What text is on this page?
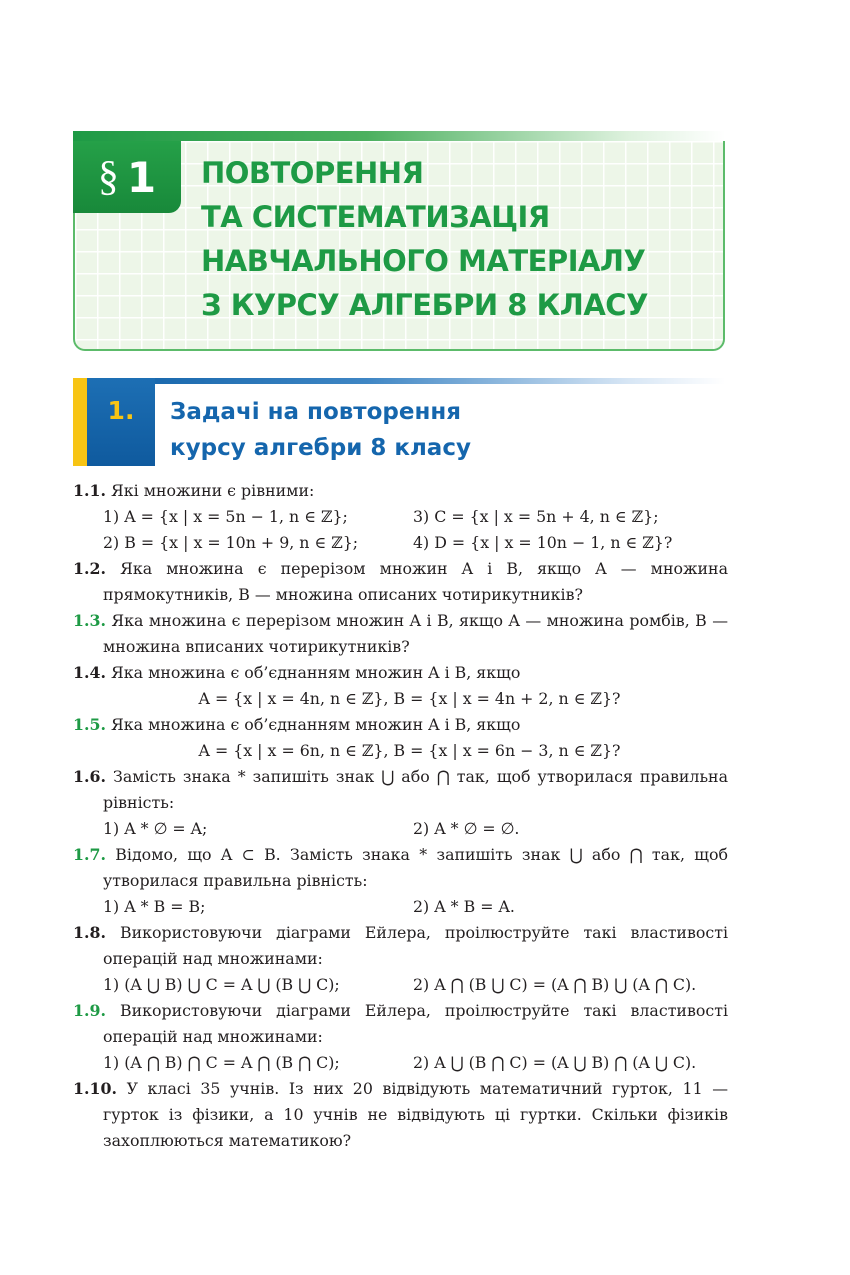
§ 1 ПОВТОРЕННЯ
ТА СИСТЕМАТИЗАЦІЯ
НАВЧАЛЬНОГО МАТЕРІАЛУ
З КУРСУ АЛГЕБРИ 8 КЛАСУ
1.	Задачі на повторення
курсу алгебри 8 класу
1.1. Які множини є рівними:
1) A = {x | x = 5n − 1, n ∈ ℤ};	3) C = {x | x = 5n + 4, n ∈ ℤ};
2) B = {x | x = 10n + 9, n ∈ ℤ};	4) D = {x | x = 10n − 1, n ∈ ℤ}?
1.2. Яка множина є перерізом множин A і B, якщо A — множина прямокутників, B — множина описаних чотирикутників?
1.3. Яка множина є перерізом множин A і B, якщо A — множина ромбів, B — множина вписаних чотирикутників?
1.4. Яка множина є об’єднанням множин A і B, якщо
A = {x | x = 4n, n ∈ ℤ}, B = {x | x = 4n + 2, n ∈ ℤ}?
1.5. Яка множина є об’єднанням множин A і B, якщо
A = {x | x = 6n, n ∈ ℤ}, B = {x | x = 6n − 3, n ∈ ℤ}?
1.6. Замість знака * запишіть знак ⋃ або ⋂ так, щоб утворилася правильна рівність:
1) A * ∅ = A;	2) A * ∅ = ∅.
1.7. Відомо, що A ⊂ B. Замість знака * запишіть знак ⋃ або ⋂ так, щоб утворилася правильна рівність:
1) A * B = B;	2) A * B = A.
1.8. Використовуючи діаграми Ейлера, проілюструйте такі властивості операцій над множинами:
1) (A ⋃ B) ⋃ C = A ⋃ (B ⋃ C);	2) A ⋂ (B ⋃ C) = (A ⋂ B) ⋃ (A ⋂ C).
1.9. Використовуючи діаграми Ейлера, проілюструйте такі властивості операцій над множинами:
1) (A ⋂ B) ⋂ C = A ⋂ (B ⋂ C);	2) A ⋃ (B ⋂ C) = (A ⋃ B) ⋂ (A ⋃ C).
1.10. У класі 35 учнів. Із них 20 відвідують математичний гурток, 11 — гурток із фізики, а 10 учнів не відвідують ці гуртки. Скільки фізиків захоплюються математикою?
